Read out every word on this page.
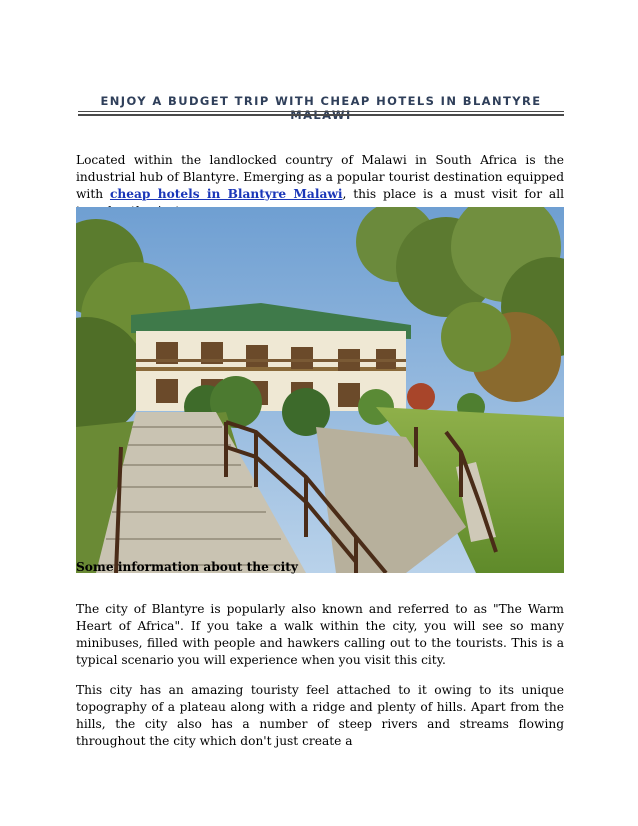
ENJOY A BUDGET TRIP WITH CHEAP HOTELS IN BLANTYRE
Located within the landlocked country of Malawi in South Africa is the industrial hub of Blantyre. Emerging as a popular tourist destination equipped with cheap hotels in Blantyre Malawi, this place is a must visit for all
Some information about the city
The city of Blantyre is popularly also known and referred to as "The Warm Heart of Africa". If you take a walk within the city, you will see so many minibuses, filled with people and hawkers calling out to the tourists. This is a typical scenario you will experience when you visit this city.
This city has an amazing touristy feel attached to it owing to its unique topography of a plateau along with a ridge and plenty of hills. Apart from the hills, the city also has a number of steep rivers and streams flowing throughout the city which don't just create a
